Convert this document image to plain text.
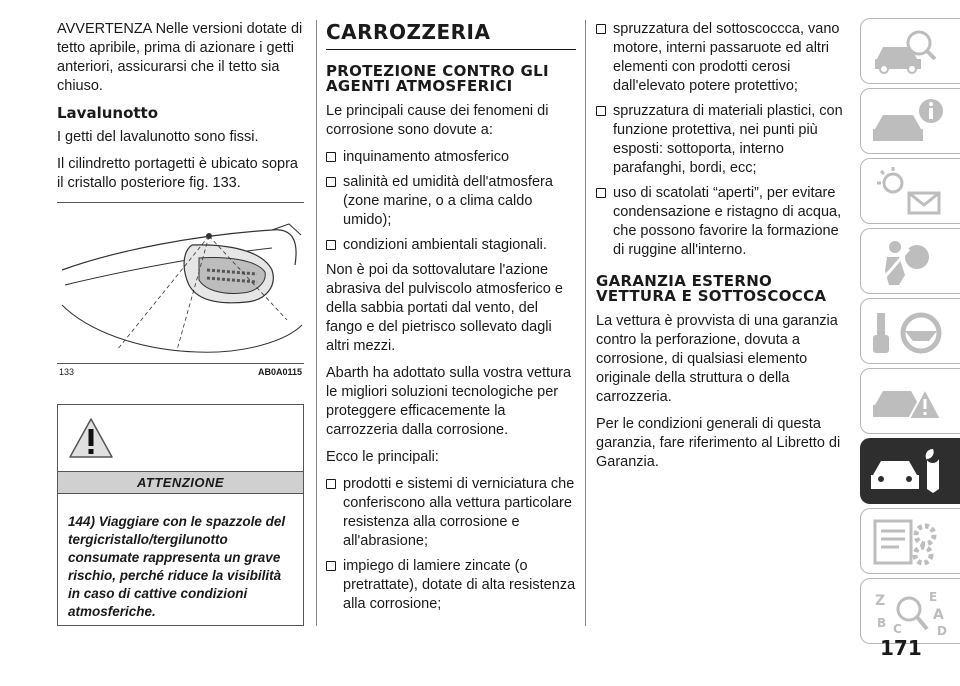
AVVERTENZA Nelle versioni dotate di tetto apribile, prima di azionare i getti anteriori, assicurarsi che il tetto sia chiuso.

Lavalunotto

I getti del lavalunotto sono fissi.

Il cilindretto portagetti è ubicato sopra il cristallo posteriore fig. 133.

133	AB0A0115
ATTENZIONE
144) Viaggiare con le spazzole del tergicristallo/tergilunotto consumate rappresenta un grave rischio, perché riduce la visibilità in caso di cattive condizioni atmosferiche.
CARROZZERIA
PROTEZIONE CONTRO GLI AGENTI ATMOSFERICI

Le principali cause dei fenomeni di corrosione sono dovute a:

inquinamento atmosferico
salinità ed umidità dell'atmosfera (zone marine, o a clima caldo umido);
condizioni ambientali stagionali.

Non è poi da sottovalutare l'azione abrasiva del pulviscolo atmosferico e della sabbia portati dal vento, del fango e del pietrisco sollevato dagli altri mezzi.

Abarth ha adottato sulla vostra vettura le migliori soluzioni tecnologiche per proteggere efficacemente la carrozzeria dalla corrosione.

Ecco le principali:

prodotti e sistemi di verniciatura che conferiscono alla vettura particolare resistenza alla corrosione e all'abrasione;
impiego di lamiere zincate (o pretrattate), dotate di alta resistenza alla corrosione;
spruzzatura del sottoscoccca, vano motore, interni passaruote ed altri elementi con prodotti cerosi dall'elevato potere protettivo;
spruzzatura di materiali plastici, con funzione protettiva, nei punti più esposti: sottoporta, interno parafanghi, bordi, ecc;
uso di scatolati “aperti”, per evitare condensazione e ristagno di acqua, che possono favorire la formazione di ruggine all'interno.
GARANZIA ESTERNO VETTURA E SOTTOSCOCCA

La vettura è provvista di una garanzia contro la perforazione, dovuta a corrosione, di qualsiasi elemento originale della struttura o della carrozzeria.

Per le condizioni generali di questa garanzia, fare riferimento al Libretto di Garanzia.

Z	E
A
B C	D
171
